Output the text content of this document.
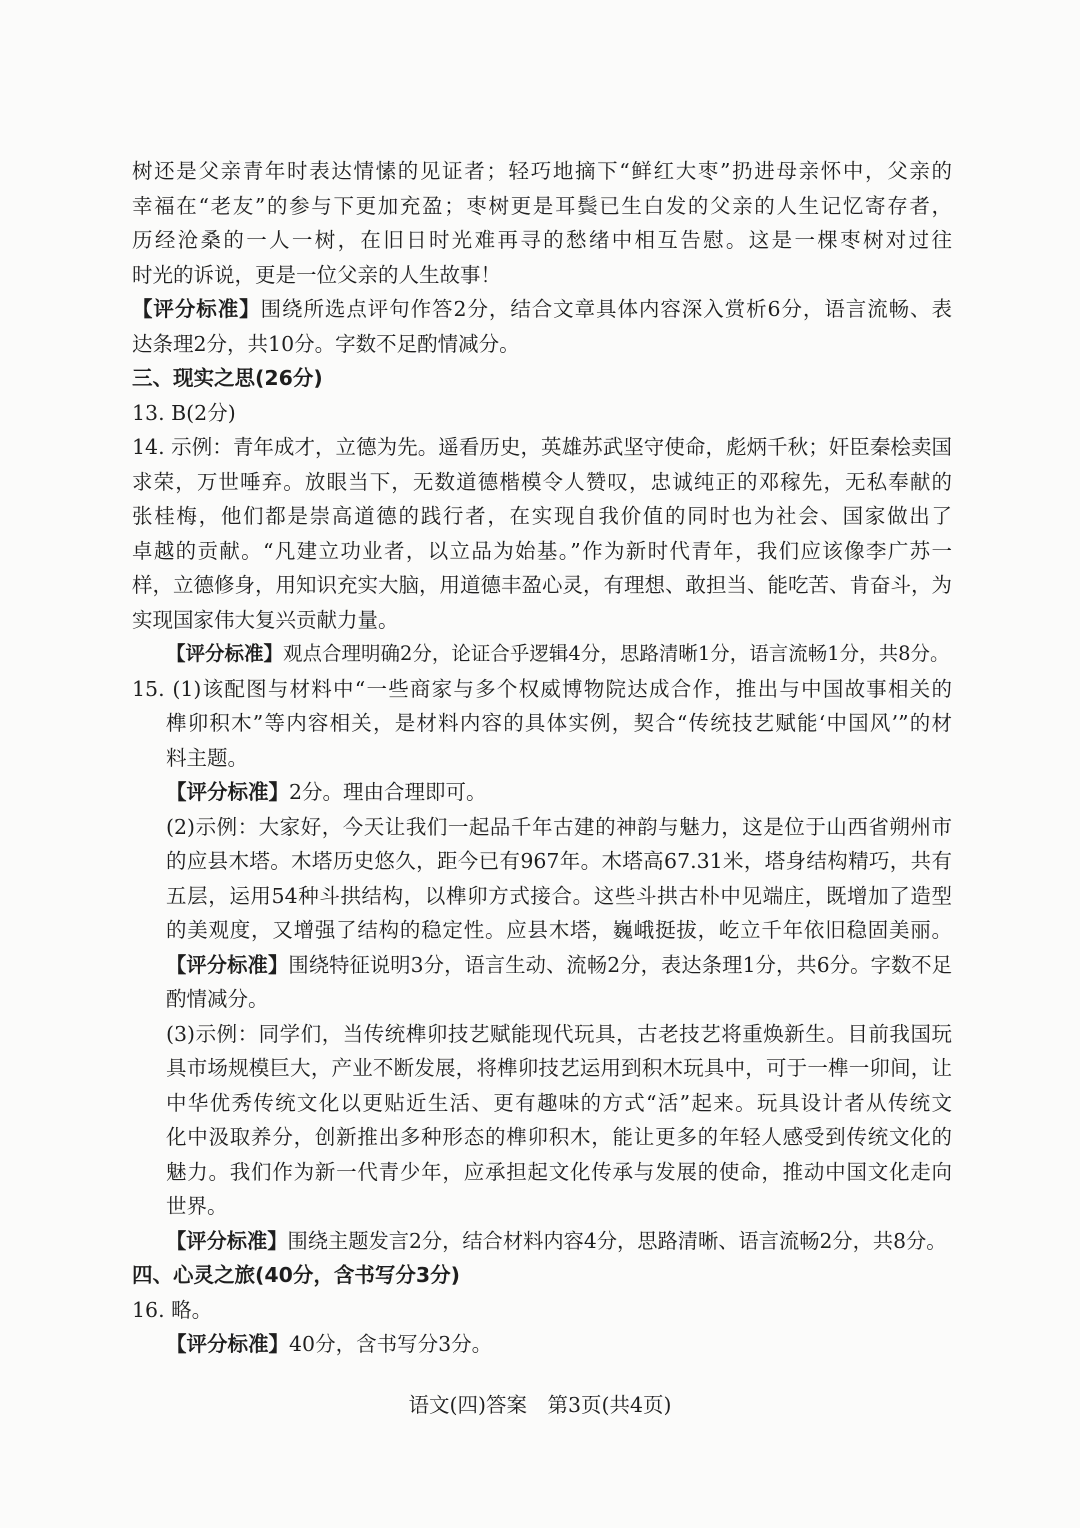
树还是父亲青年时表达情愫的见证者；轻巧地摘下“鲜红大枣”扔进母亲怀中，父亲的
幸福在“老友”的参与下更加充盈；枣树更是耳鬓已生白发的父亲的人生记忆寄存者，
历经沧桑的一人一树，在旧日时光难再寻的愁绪中相互告慰。这是一棵枣树对过往
时光的诉说，更是一位父亲的人生故事！
【评分标准】围绕所选点评句作答2分，结合文章具体内容深入赏析6分，语言流畅、表
达条理2分，共10分。字数不足酌情减分。
三、现实之思(26分)
13. B(2分)
14. 示例：青年成才，立德为先。遥看历史，英雄苏武坚守使命，彪炳千秋；奸臣秦桧卖国
求荣，万世唾弃。放眼当下，无数道德楷模令人赞叹，忠诚纯正的邓稼先，无私奉献的
张桂梅，他们都是崇高道德的践行者，在实现自我价值的同时也为社会、国家做出了
卓越的贡献。“凡建立功业者，以立品为始基。”作为新时代青年，我们应该像李广苏一
样，立德修身，用知识充实大脑，用道德丰盈心灵，有理想、敢担当、能吃苦、肯奋斗，为
实现国家伟大复兴贡献力量。
【评分标准】观点合理明确2分，论证合乎逻辑4分，思路清晰1分，语言流畅1分，共8分。
15. (1)该配图与材料中“一些商家与多个权威博物院达成合作，推出与中国故事相关的
榫卯积木”等内容相关，是材料内容的具体实例，契合“传统技艺赋能‘中国风’”的材
料主题。
【评分标准】2分。理由合理即可。
(2)示例：大家好，今天让我们一起品千年古建的神韵与魅力，这是位于山西省朔州市
的应县木塔。木塔历史悠久，距今已有967年。木塔高67.31米，塔身结构精巧，共有
五层，运用54种斗拱结构，以榫卯方式接合。这些斗拱古朴中见端庄，既增加了造型
的美观度，又增强了结构的稳定性。应县木塔，巍峨挺拔，屹立千年依旧稳固美丽。
【评分标准】围绕特征说明3分，语言生动、流畅2分，表达条理1分，共6分。字数不足
酌情减分。
(3)示例：同学们，当传统榫卯技艺赋能现代玩具，古老技艺将重焕新生。目前我国玩
具市场规模巨大，产业不断发展，将榫卯技艺运用到积木玩具中，可于一榫一卯间，让
中华优秀传统文化以更贴近生活、更有趣味的方式“活”起来。玩具设计者从传统文
化中汲取养分，创新推出多种形态的榫卯积木，能让更多的年轻人感受到传统文化的
魅力。我们作为新一代青少年，应承担起文化传承与发展的使命，推动中国文化走向
世界。
【评分标准】围绕主题发言2分，结合材料内容4分，思路清晰、语言流畅2分，共8分。
四、心灵之旅(40分，含书写分3分)
16. 略。
【评分标准】40分，含书写分3分。
语文(四)答案　第3页(共4页)
